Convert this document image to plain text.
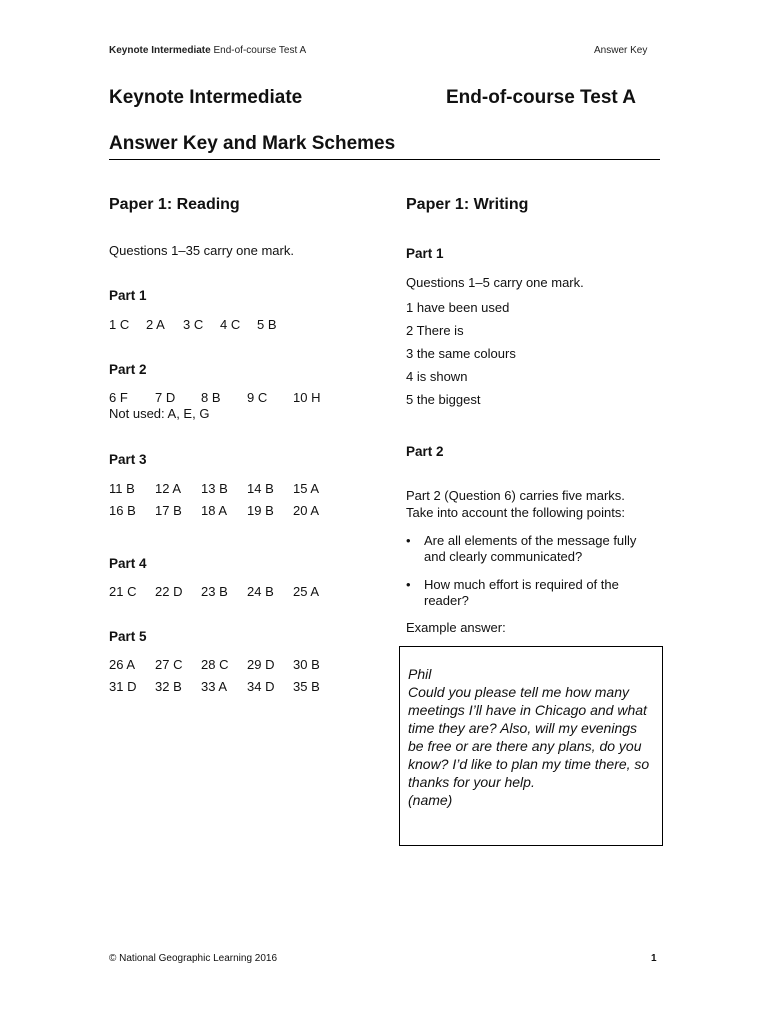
Keynote Intermediate End-of-course Test A	Answer Key
Keynote Intermediate	End-of-course Test A
Answer Key and Mark Schemes
Paper 1: Reading
Questions 1–35 carry one mark.
Part 1
1 C	2 A	3 C	4 C	5 B
Part 2
6 F	7 D	8 B	9 C	10 H
Not used: A, E, G
Part 3
11 B	12 A	13 B	14 B	15 A
16 B	17 B	18 A	19 B	20 A
Part 4
21 C	22 D	23 B	24 B	25 A
Part 5
26 A	27 C	28 C	29 D	30 B
31 D	32 B	33 A	34 D	35 B
Paper 1: Writing
Part 1
Questions 1–5 carry one mark.
1 have been used
2 There is
3 the same colours
4 is shown
5 the biggest
Part 2
Part 2 (Question 6) carries five marks.
Take into account the following points:
•	Are all elements of the message fully and clearly communicated?
•	How much effort is required of the reader?
Example answer:

Phil
Could you please tell me how many meetings I’ll have in Chicago and what time they are? Also, will my evenings be free or are there any plans, do you know? I’d like to plan my time there, so thanks for your help.
(name)

© National Geographic Learning 2016	1
